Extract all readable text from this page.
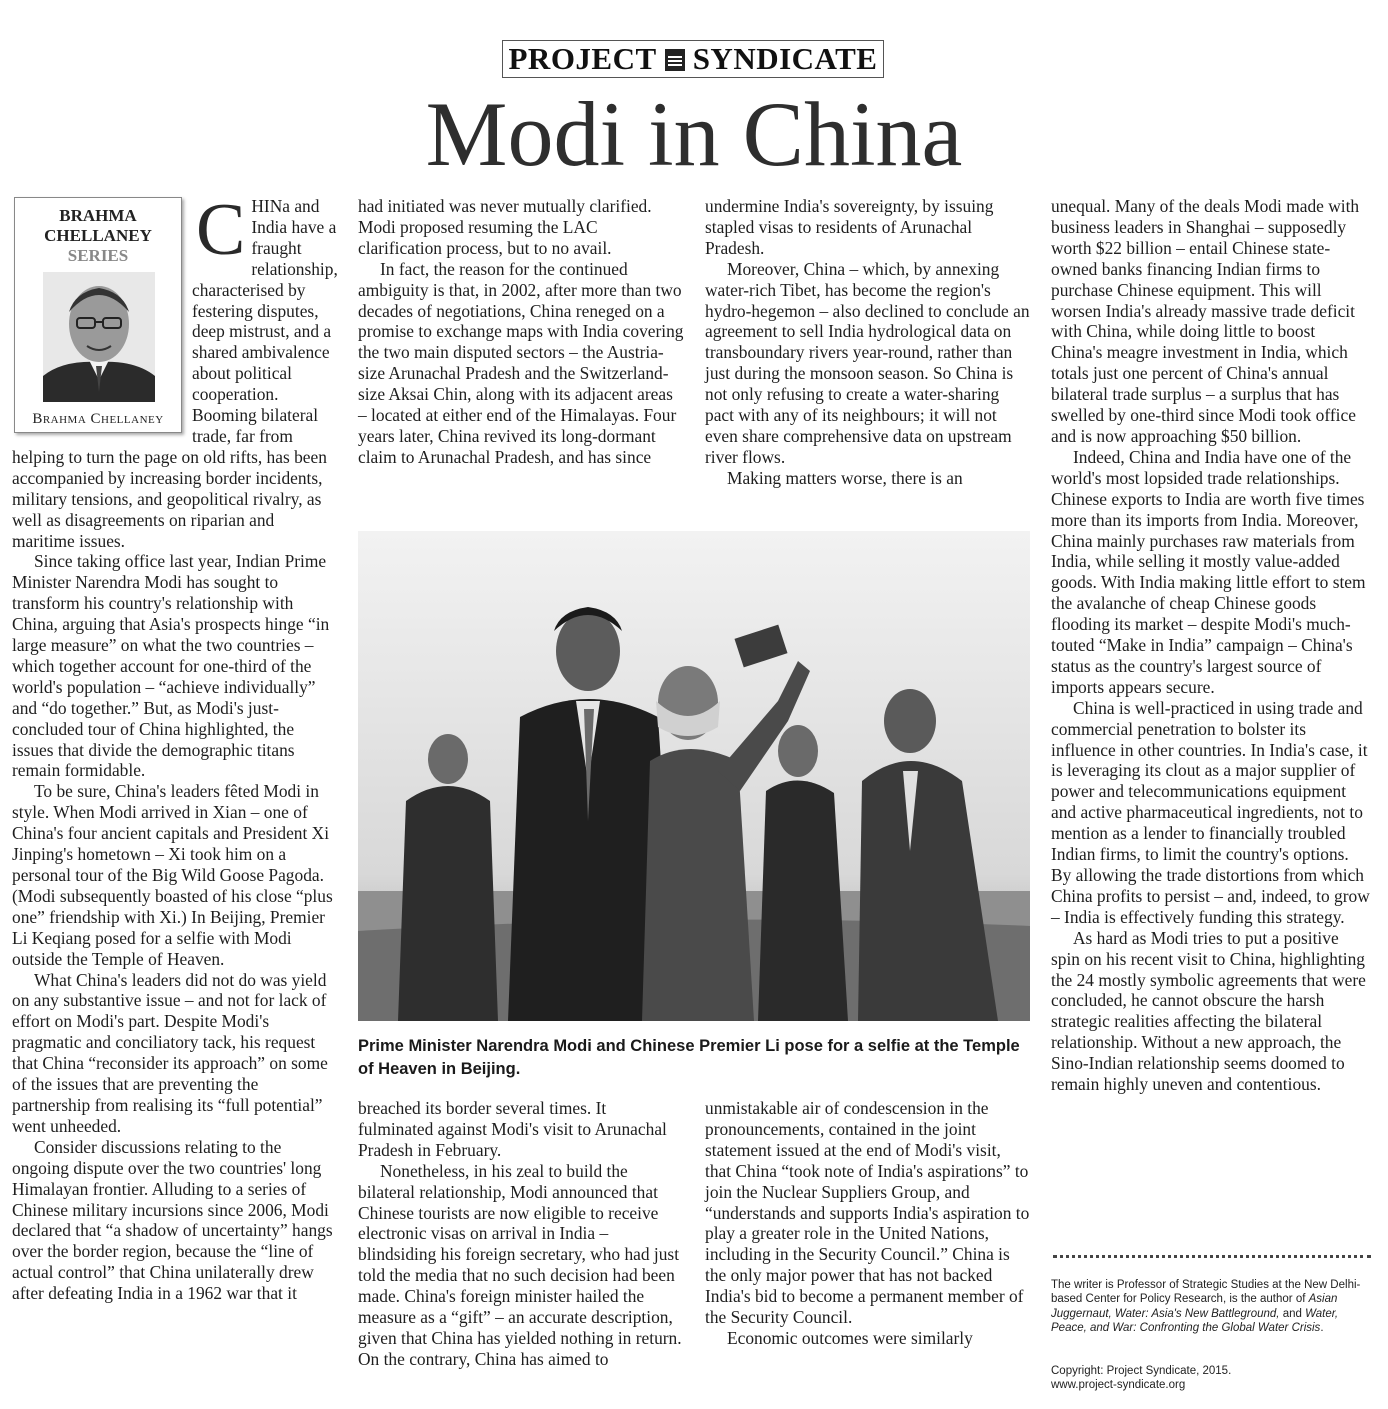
PROJECT SYNDICATE
Modi in China
BRAHMA CHELLANEY
SERIES
Brahma Chellaney
C HINa and India have a fraught relationship, characterised by festering disputes, deep mistrust, and a shared ambivalence about political cooperation. Booming bilateral trade, far from helping to turn the page on old rifts, has been accompanied by increasing border incidents, military tensions, and geopolitical rivalry, as well as disagreements on riparian and maritime issues.

Since taking office last year, Indian Prime Minister Narendra Modi has sought to transform his country's relationship with China, arguing that Asia's prospects hinge “in large measure” on what the two countries – which together account for one-third of the world's population – “achieve individually” and “do together.” But, as Modi's just-concluded tour of China highlighted, the issues that divide the demographic titans remain formidable.

To be sure, China's leaders fêted Modi in style. When Modi arrived in Xian – one of China's four ancient capitals and President Xi Jinping's hometown – Xi took him on a personal tour of the Big Wild Goose Pagoda. (Modi subsequently boasted of his close “plus one” friendship with Xi.) In Beijing, Premier Li Keqiang posed for a selfie with Modi outside the Temple of Heaven.

What China's leaders did not do was yield on any substantive issue – and not for lack of effort on Modi's part. Despite Modi's pragmatic and conciliatory tack, his request that China “reconsider its approach” on some of the issues that are preventing the partnership from realising its “full potential” went unheeded.

Consider discussions relating to the ongoing dispute over the two countries' long Himalayan frontier. Alluding to a series of Chinese military incursions since 2006, Modi declared that “a shadow of uncertainty” hangs over the border region, because the “line of actual control” that China unilaterally drew after defeating India in a 1962 war that it

had initiated was never mutually clarified. Modi proposed resuming the LAC clarification process, but to no avail.

In fact, the reason for the continued ambiguity is that, in 2002, after more than two decades of negotiations, China reneged on a promise to exchange maps with India covering the two main disputed sectors – the Austria-size Arunachal Pradesh and the Switzerland-size Aksai Chin, along with its adjacent areas – located at either end of the Himalayas. Four years later, China revived its long-dormant claim to Arunachal Pradesh, and has since

undermine India's sovereignty, by issuing stapled visas to residents of Arunachal Pradesh.

Moreover, China – which, by annexing water-rich Tibet, has become the region's hydro-hegemon – also declined to conclude an agreement to sell India hydrological data on transboundary rivers year-round, rather than just during the monsoon season. So China is not only refusing to create a water-sharing pact with any of its neighbours; it will not even share comprehensive data on upstream river flows.

Making matters worse, there is an

Prime Minister Narendra Modi and Chinese Premier Li pose for a selfie at the Temple of Heaven in Beijing.

breached its border several times. It fulminated against Modi's visit to Arunachal Pradesh in February.

Nonetheless, in his zeal to build the bilateral relationship, Modi announced that Chinese tourists are now eligible to receive electronic visas on arrival in India – blindsiding his foreign secretary, who had just told the media that no such decision had been made. China's foreign minister hailed the measure as a “gift” – an accurate description, given that China has yielded nothing in return. On the contrary, China has aimed to

unmistakable air of condescension in the pronouncements, contained in the joint statement issued at the end of Modi's visit, that China “took note of India's aspirations” to join the Nuclear Suppliers Group, and “understands and supports India's aspiration to play a greater role in the United Nations, including in the Security Council.” China is the only major power that has not backed India's bid to become a permanent member of the Security Council.

Economic outcomes were similarly

unequal. Many of the deals Modi made with business leaders in Shanghai – supposedly worth $22 billion – entail Chinese state-owned banks financing Indian firms to purchase Chinese equipment. This will worsen India's already massive trade deficit with China, while doing little to boost China's meagre investment in India, which totals just one percent of China's annual bilateral trade surplus – a surplus that has swelled by one-third since Modi took office and is now approaching $50 billion.

Indeed, China and India have one of the world's most lopsided trade relationships. Chinese exports to India are worth five times more than its imports from India. Moreover, China mainly purchases raw materials from India, while selling it mostly value-added goods. With India making little effort to stem the avalanche of cheap Chinese goods flooding its market – despite Modi's much-touted “Make in India” campaign – China's status as the country's largest source of imports appears secure.

China is well-practiced in using trade and commercial penetration to bolster its influence in other countries. In India's case, it is leveraging its clout as a major supplier of power and telecommunications equipment and active pharmaceutical ingredients, not to mention as a lender to financially troubled Indian firms, to limit the country's options. By allowing the trade distortions from which China profits to persist – and, indeed, to grow – India is effectively funding this strategy.

As hard as Modi tries to put a positive spin on his recent visit to China, highlighting the 24 mostly symbolic agreements that were concluded, he cannot obscure the harsh strategic realities affecting the bilateral relationship. Without a new approach, the Sino-Indian relationship seems doomed to remain highly uneven and contentious.

The writer is Professor of Strategic Studies at the New Delhi-based Center for Policy Research, is the author of Asian Juggernaut, Water: Asia's New Battleground, and Water, Peace, and War: Confronting the Global Water Crisis.

Copyright: Project Syndicate, 2015.
www.project-syndicate.org
